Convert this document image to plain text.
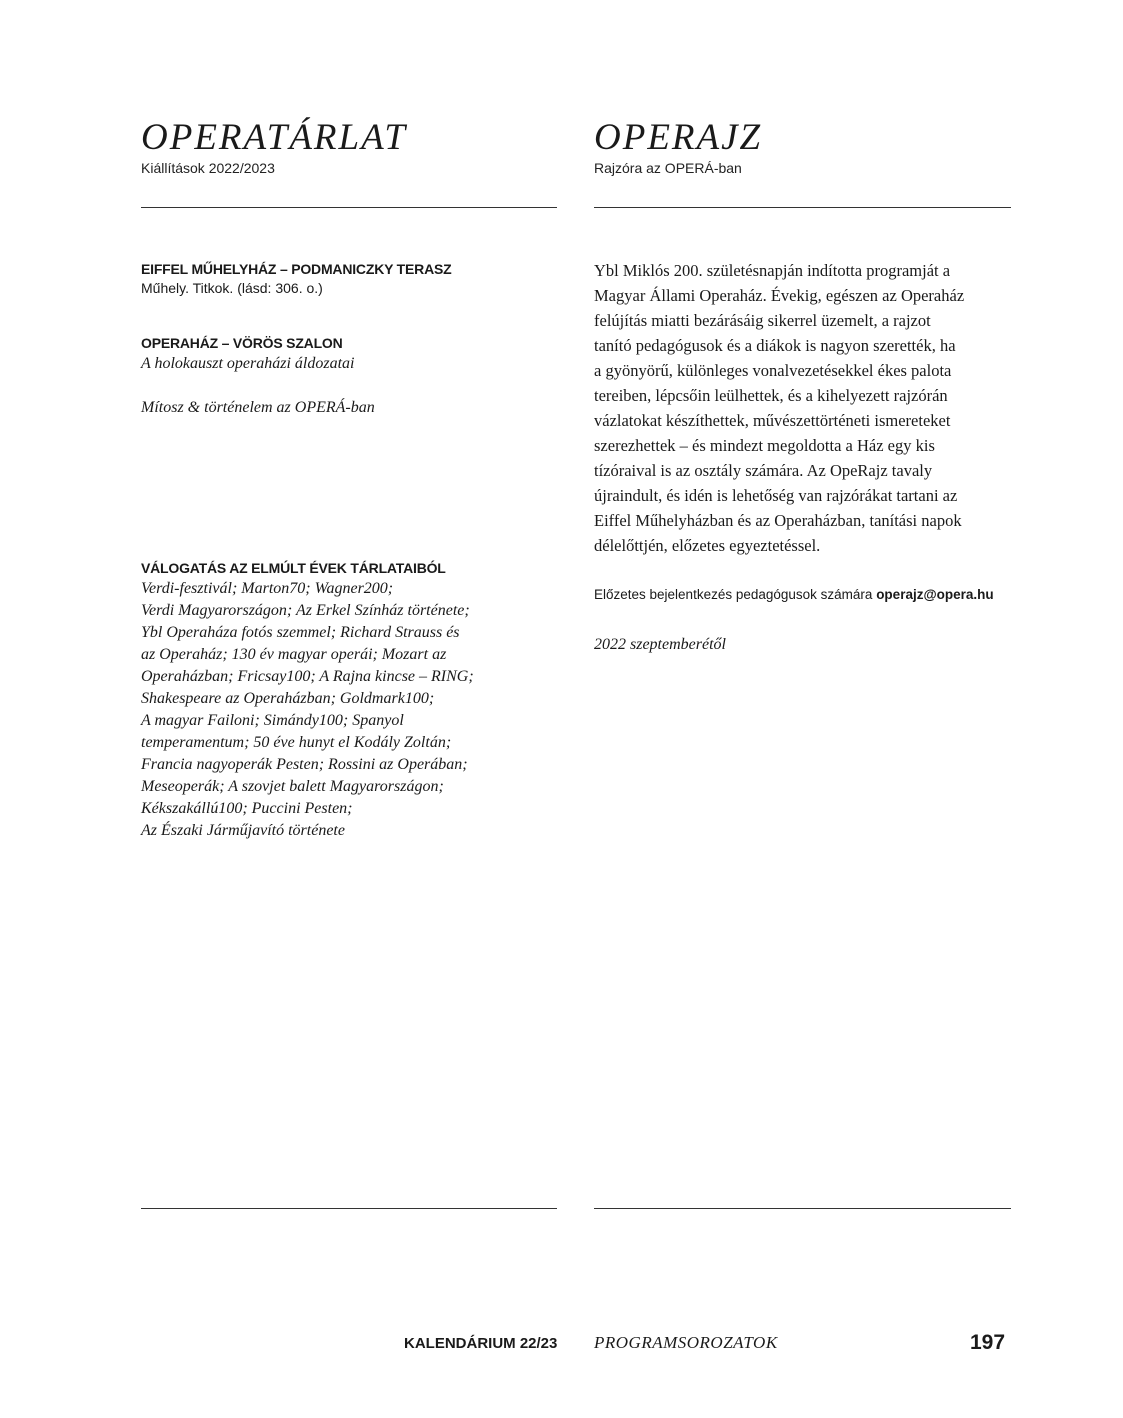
OPERATÁRLAT

Kiállítások 2022/2023

EIFFEL MŰHELYHÁZ – PODMANICZKY TERASZ

Műhely. Titkok. (lásd: 306. o.)

OPERAHÁZ – VÖRÖS SZALON

A holokauszt operaházi áldozatai

Mítosz & történelem az OPERÁ-ban

VÁLOGATÁS AZ ELMÚLT ÉVEK TÁRLATAIBÓL

Verdi-fesztivál; Marton70; Wagner200;

Verdi Magyarországon; Az Erkel Színház története;

Ybl Operaháza fotós szemmel; Richard Strauss és

az Operaház; 130 év magyar operái; Mozart az

Operaházban; Fricsay100; A Rajna kincse – RING;

Shakespeare az Operaházban; Goldmark100;

A magyar Failoni; Simándy100; Spanyol

temperamentum; 50 éve hunyt el Kodály Zoltán;

Francia nagyoperák Pesten; Rossini az Operában;

Meseoperák; A szovjet balett Magyarországon;

Kékszakállú100; Puccini Pesten;

Az Északi Járműjavító története

OPERAJZ

Rajzóra az OPERÁ-ban

Ybl Miklós 200. születésnapján indította programját a

Magyar Állami Operaház. Évekig, egészen az Operaház

felújítás miatti bezárásáig sikerrel üzemelt, a rajzot

tanító pedagógusok és a diákok is nagyon szerették, ha

a gyönyörű, különleges vonalvezetésekkel ékes palota

tereiben, lépcsőin leülhettek, és a kihelyezett rajzórán

vázlatokat készíthettek, művészettörténeti ismereteket

szerezhettek – és mindezt megoldotta a Ház egy kis

tízóraival is az osztály számára. Az OpeRajz tavaly

újraindult, és idén is lehetőség van rajzórákat tartani az

Eiffel Műhelyházban és az Operaházban, tanítási napok

délelőttjén, előzetes egyeztetéssel.

Előzetes bejelentkezés pedagógusok számára operajz@opera.hu

2022 szeptemberétől

KALENDÁRIUM 22/23 PROGRAMSOROZATOK	197
